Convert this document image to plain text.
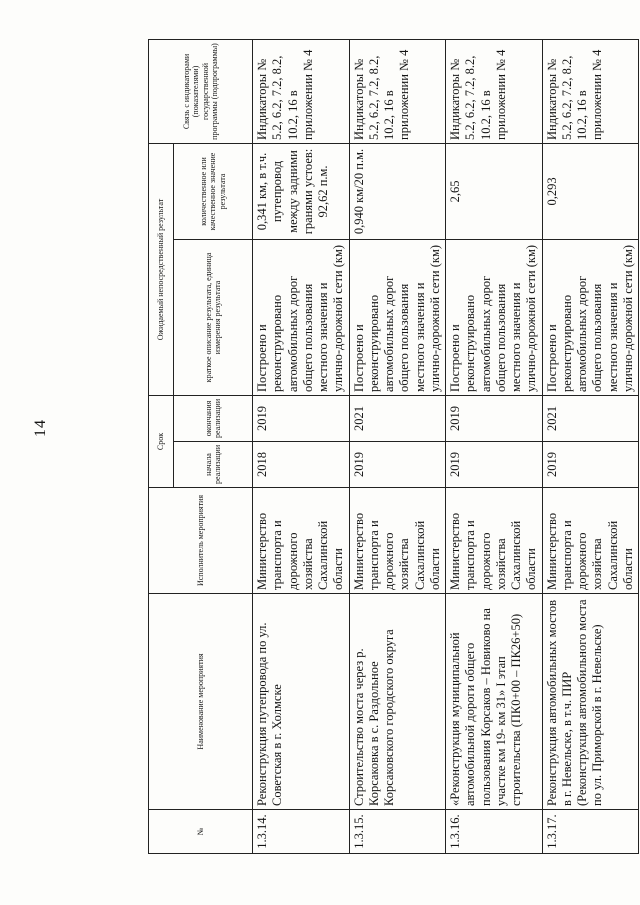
14
№	Наименование мероприятия	Исполнитель мероприятия	Срок		Ожидаемый непосредственный результат		Связь с индикаторами (показателями) государственной программы (подпрограммы)
			начала реализации	окончания реализации	краткое описание результата, единица измерения результата	количественное или качественное значение результата	
1.3.14.	Реконструкция путепровода по ул. Советская в г. Холмске	Министерство транспорта и дорожного хозяйства Сахалинской области	2018	2019	Построено и реконструировано автомобильных дорог общего пользования местного значения и улично-дорожной сети (км)	0,341 км, в т.ч. путепровод между задними гранями устоев: 92,62 п.м.	Индикаторы № 5.2, 6.2, 7.2, 8.2, 10.2, 16 в приложении № 4
1.3.15.	Строительство моста через р. Корсаковка в с. Раздольное Корсаковского городского округа	Министерство транспорта и дорожного хозяйства Сахалинской области	2019	2021	Построено и реконструировано автомобильных дорог общего пользования местного значения и улично-дорожной сети (км)	0,940 км/20 п.м.	Индикаторы № 5.2, 6.2, 7.2, 8.2, 10.2, 16 в приложении № 4
1.3.16.	«Реконструкция муниципальной автомобильной дороги общего пользования Корсаков – Новиково на участке км 19- км 31» I этап строительства (ПК0+00 – ПК26+50)	Министерство транспорта и дорожного хозяйства Сахалинской области	2019	2019	Построено и реконструировано автомобильных дорог общего пользования местного значения и улично-дорожной сети (км)	2,65	Индикаторы № 5.2, 6.2, 7.2, 8.2, 10.2, 16 в приложении № 4
1.3.17.	Реконструкция автомобильных мостов в г. Невельске, в т.ч. ПИР (Реконструкция автомобильного моста по ул. Приморской в г. Невельске)	Министерство транспорта и дорожного хозяйства Сахалинской области	2019	2021	Построено и реконструировано автомобильных дорог общего пользования местного значения и улично-дорожной сети (км)	0,293	Индикаторы № 5.2, 6.2, 7.2, 8.2, 10.2, 16 в приложении № 4
